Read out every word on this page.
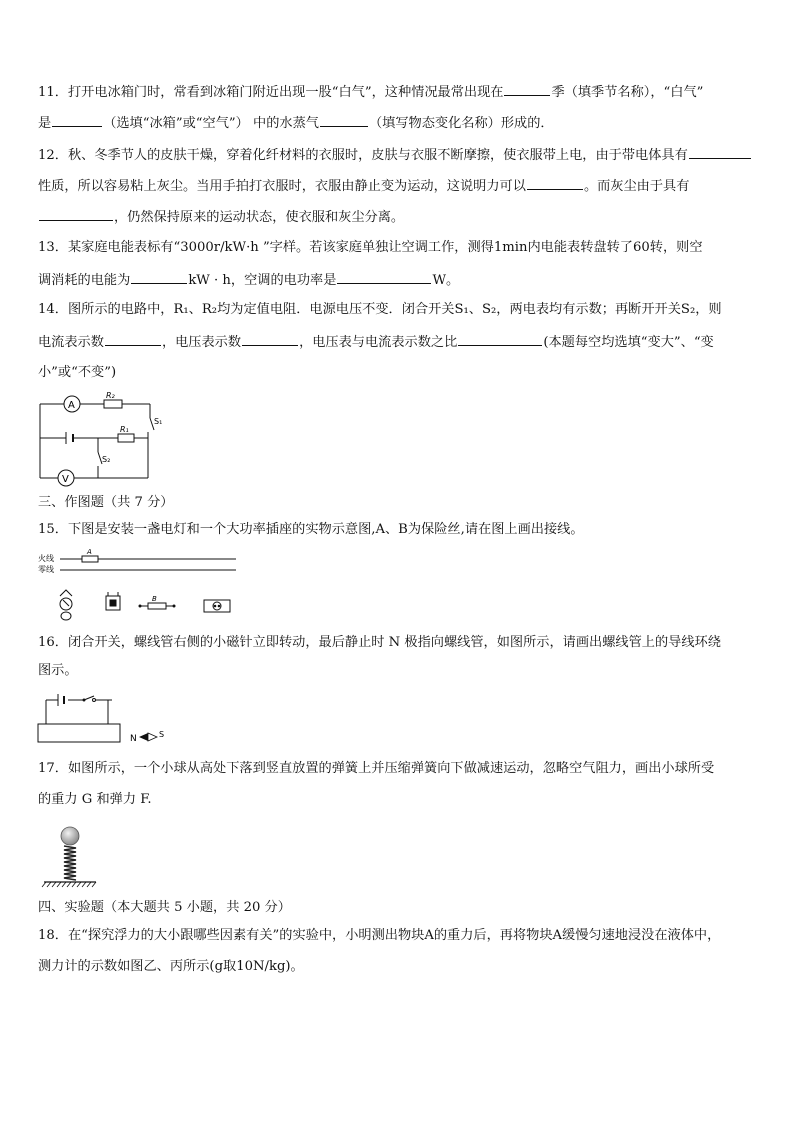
11．打开电冰箱门时，常看到冰箱门附近出现一股“白气”，这种情况最常出现在	季（填季节名称），“白气”
是	（选填“冰箱”或“空气”） 中的水蒸气	（填写物态变化名称）形成的．
12．秋、冬季节人的皮肤干燥，穿着化纤材料的衣服时，皮肤与衣服不断摩擦，使衣服带上电，由于带电体具有
性质，所以容易粘上灰尘。当用手拍打衣服时，衣服由静止变为运动，这说明力可以	。而灰尘由于具有
，仍然保持原来的运动状态，使衣服和灰尘分离。
13．某家庭电能表标有“3000r/kW·h ”字样。若该家庭单独让空调工作，测得1min内电能表转盘转了60转，则空
调消耗的电能为	kW · h，空调的电功率是	W。
14．图所示的电路中，R₁、R₂均为定值电阻．电源电压不变．闭合开关S₁、S₂，两电表均有示数；再断开开关S₂，则
电流表示数	，电压表示数	，电压表与电流表示数之比	(本题每空均选填“变大”、“变
小”或“不变”)
A
V
R₂
R₁
S₁
S₂
三、作图题（共 7 分）
15．下图是安装一盏电灯和一个大功率插座的实物示意图,A、B为保险丝,请在图上画出接线。
火线
零线
A
B
16．闭合开关，螺线管右侧的小磁针立即转动，最后静止时 N 极指向螺线管，如图所示，请画出螺线管上的导线环绕
图示。
N	S
17．如图所示，一个小球从高处下落到竖直放置的弹簧上并压缩弹簧向下做减速运动，忽略空气阻力，画出小球所受
的重力 G 和弹力 F.
四、实验题（本大题共 5 小题，共 20 分）
18．在“探究浮力的大小跟哪些因素有关”的实验中，小明测出物块A的重力后，再将物块A缓慢匀速地浸没在液体中，
测力计的示数如图乙、丙所示(g取10N/kg)。
